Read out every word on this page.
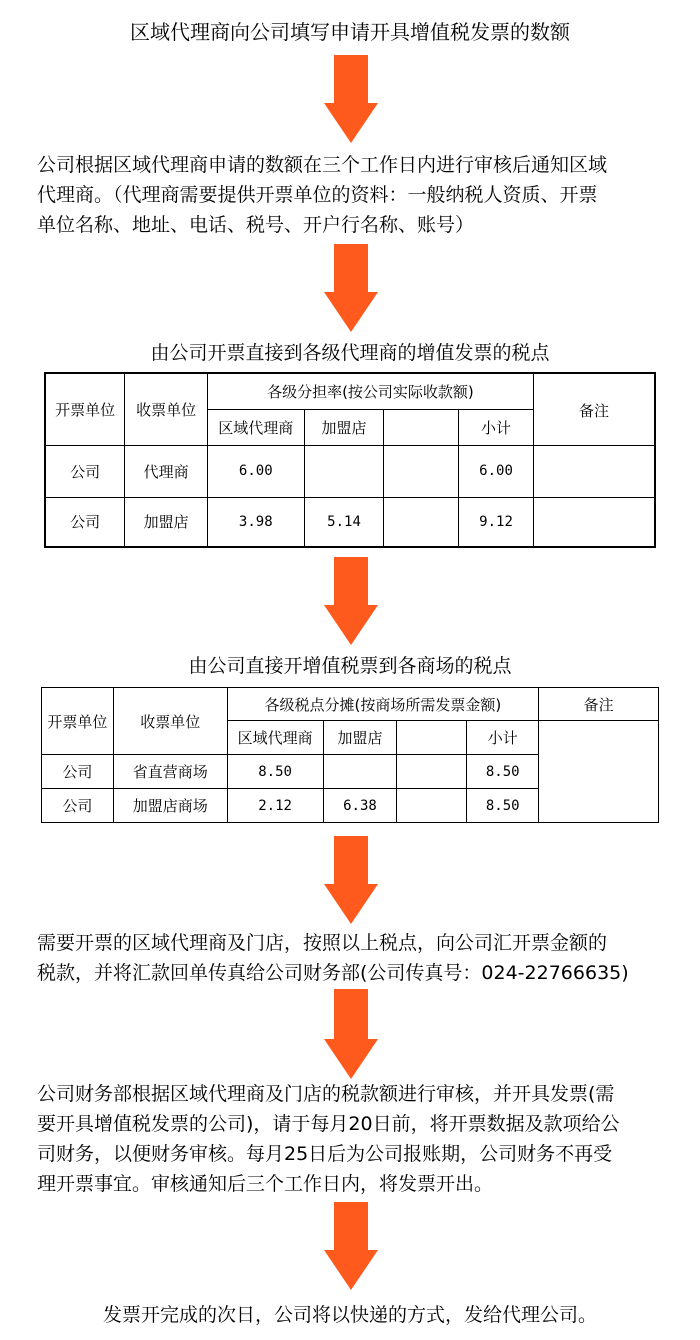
区域代理商向公司填写申请开具增值税发票的数额
公司根据区域代理商申请的数额在三个工作日内进行审核后通知区域
代理商。（代理商需要提供开票单位的资料：一般纳税人资质、开票
单位名称、地址、电话、税号、开户行名称、账号）
由公司开票直接到各级代理商的增值发票的税点
开票单位	收票单位	各级分担率(按公司实际收款额)				备注
		区域代理商	加盟店		小计	
公司	代理商	6.00			6.00	
公司	加盟店	3.98	5.14		9.12	
由公司直接开增值税票到各商场的税点
开票单位	收票单位	各级税点分摊(按商场所需发票金额)				备注
		区域代理商	加盟店		小计	
公司	省直营商场	8.50			8.50	
公司	加盟店商场	2.12	6.38		8.50	
需要开票的区域代理商及门店，按照以上税点，向公司汇开票金额的
税款，并将汇款回单传真给公司财务部(公司传真号：024-22766635)
公司财务部根据区域代理商及门店的税款额进行审核，并开具发票(需
要开具增值税发票的公司)，请于每月20日前，将开票数据及款项给公
司财务，以便财务审核。每月25日后为公司报账期，公司财务不再受
理开票事宜。审核通知后三个工作日内，将发票开出。
发票开完成的次日，公司将以快递的方式，发给代理公司。
